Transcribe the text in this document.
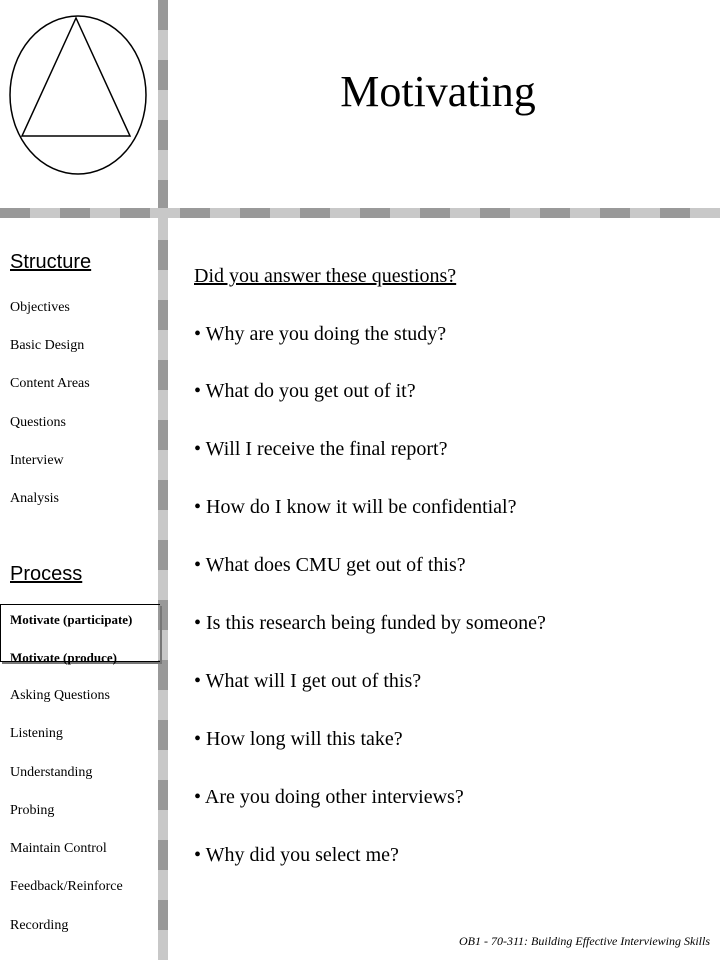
Motivating
Structure
Objectives
Basic Design
Content Areas
Questions
Interview
Analysis
Process
Motivate (participate)
Motivate (produce)
Asking Questions
Listening
Understanding
Probing
Maintain Control
Feedback/Reinforce
Recording
Did you answer these questions?
• Why are you doing the study?
• What do you get out of it?
• Will I receive the final report?
• How do I know it will be confidential?
• What does CMU get out of this?
• Is this research being funded by someone?
• What will I get out of this?
• How long will this take?
• Are you doing other interviews?
• Why did you select me?
OB1 - 70-311: Building Effective Interviewing Skills
